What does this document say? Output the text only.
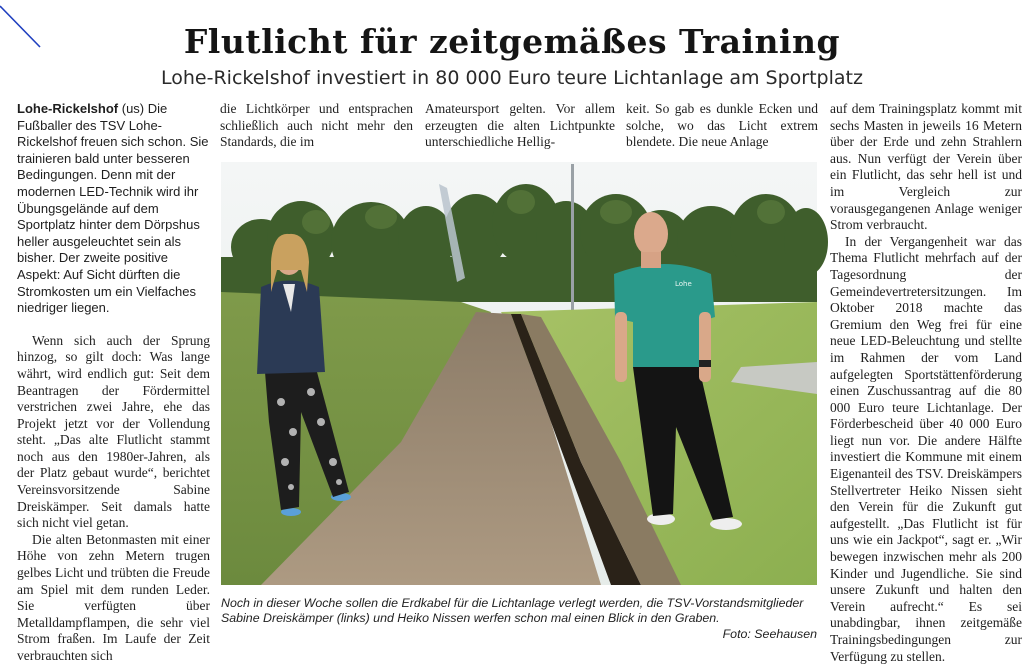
Flutlicht für zeitgemäßes Training
Lohe-Rickelshof investiert in 80 000 Euro teure Lichtanlage am Sportplatz

Lohe-Rickelshof (us) Die Fußballer des TSV Lohe-Rickelshof freuen sich schon. Sie trainieren bald unter besseren Bedingungen. Denn mit der modernen LED-Technik wird ihr Übungsgelände auf dem Sportplatz hinter dem Dörpshus heller ausgeleuchtet sein als bisher. Der zweite positive Aspekt: Auf Sicht dürften die Stromkosten um ein Vielfaches niedriger liegen.

Wenn sich auch der Sprung hinzog, so gilt doch: Was lange währt, wird endlich gut: Seit dem Beantragen der Fördermittel verstrichen zwei Jahre, ehe das Projekt jetzt vor der Vollendung steht. „Das alte Flutlicht stammt noch aus den 1980er-Jahren, als der Platz gebaut wurde“, berichtet Vereinsvorsitzende Sabine Dreiskämper. Seit damals hatte sich nicht viel getan.

Die alten Betonmasten mit einer Höhe von zehn Metern trugen gelbes Licht und trübten die Freude am Spiel mit dem runden Leder. Sie verfügten über Metalldampflampen, die sehr viel Strom fraßen. Im Laufe der Zeit verbrauchten sich

die Lichtkörper und entsprachen schließlich auch nicht mehr den Standards, die im

Amateursport gelten. Vor allem erzeugten die alten Lichtpunkte unterschiedliche Hellig-

keit. So gab es dunkle Ecken und solche, wo das Licht extrem blendete. Die neue Anlage

auf dem Trainingsplatz kommt mit sechs Masten in jeweils 16 Metern über der Erde und zehn Strahlern aus. Nun verfügt der Verein über ein Flutlicht, das sehr hell ist und im Vergleich zur vorausgegangenen Anlage weniger Strom verbraucht.

In der Vergangenheit war das Thema Flutlicht mehrfach auf der Tagesordnung der Gemeindevertretersitzungen. Im Oktober 2018 machte das Gremium den Weg frei für eine neue LED-Beleuchtung und stellte im Rahmen der vom Land aufgelegten Sportstättenförderung einen Zuschussantrag auf die 80 000 Euro teure Lichtanlage. Der Förderbescheid über 40 000 Euro liegt nun vor. Die andere Hälfte investiert die Kommune mit einem Eigenanteil des TSV. Dreiskämpers Stellvertreter Heiko Nissen sieht den Verein für die Zukunft gut aufgestellt. „Das Flutlicht ist für uns wie ein Jackpot“, sagt er. „Wir bewegen inzwischen mehr als 200 Kinder und Jugendliche. Sie sind unsere Zukunft und halten den Verein aufrecht.“ Es sei unabdingbar, ihnen zeitgemäße Trainingsbedingungen zur Verfügung zu stellen.

Lohe
Noch in dieser Woche sollen die Erdkabel für die Lichtanlage verlegt werden, die TSV-Vorstandsmitglieder Sabine Dreiskämper (links) und Heiko Nissen werfen schon mal einen Blick in den Graben.
Foto: Seehausen
